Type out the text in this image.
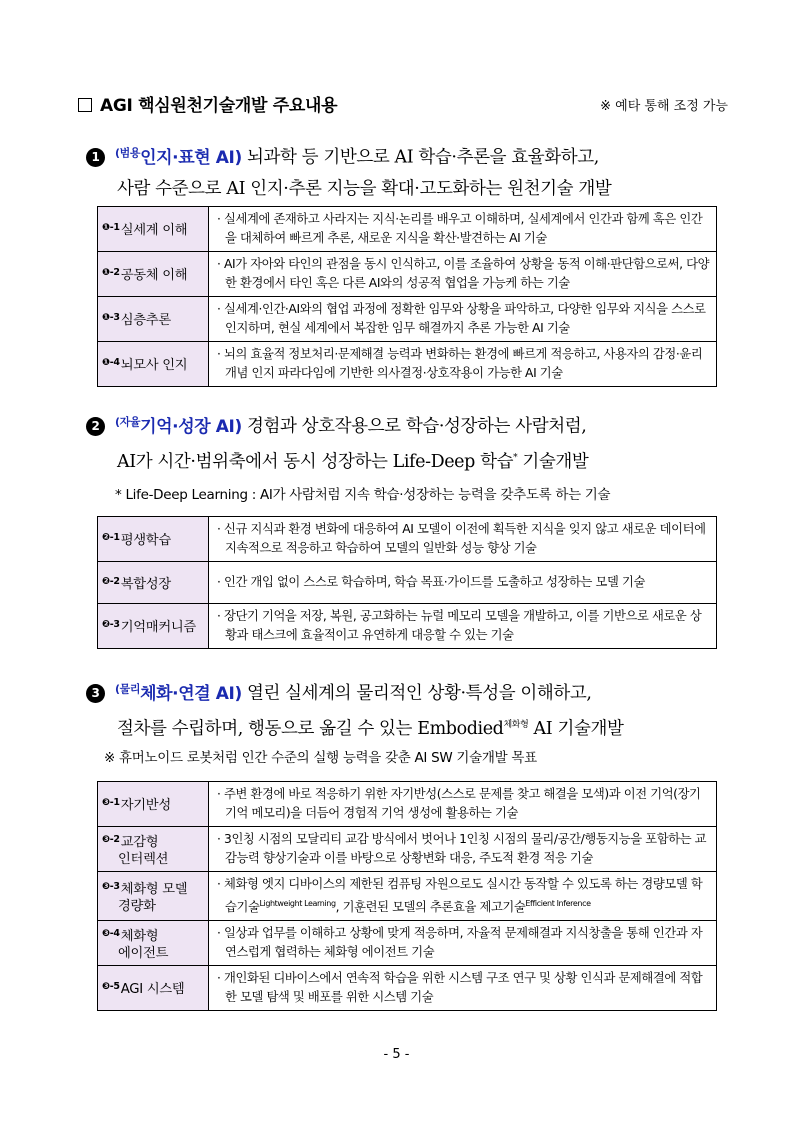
AGI 핵심원천기술개발 주요내용	※ 예타 통해 조정 가능
1 $^{(범용}$인지·표현 AI) 뇌과학 등 기반으로 AI 학습·추론을 효율화하고,
사람 수준으로 AI 인지·추론 지능을 확대·고도화하는 원천기술 개발
$^{❶-1}$실세계 이해	· 실세계에 존재하고 사라지는 지식·논리를 배우고 이해하며, 실세계에서 인간과 함께 혹은 인간을 대체하여 빠르게 추론, 새로운 지식을 확산·발견하는 AI 기술

$^{❶-2}$공동체 이해	· AI가 자아와 타인의 관점을 동시 인식하고, 이를 조율하여 상황을 동적 이해·판단함으로써, 다양한 환경에서 타인 혹은 다른 AI와의 성공적 협업을 가능케 하는 기술

$^{❶-3}$심층추론	· 실세계·인간·AI와의 협업 과정에 정확한 임무와 상황을 파악하고, 다양한 임무와 지식을 스스로 인지하며, 현실 세계에서 복잡한 임무 해결까지 추론 가능한 AI 기술

$^{❶-4}$뇌모사 인지	· 뇌의 효율적 정보처리·문제해결 능력과 변화하는 환경에 빠르게 적응하고, 사용자의 감정·윤리 개념 인지 파라다임에 기반한 의사결정·상호작용이 가능한 AI 기술
2 $^{(자율}$기억·성장 AI) 경험과 상호작용으로 학습·성장하는 사람처럼,
AI가 시간·범위축에서 동시 성장하는 Life-Deep 학습* 기술개발
* Life-Deep Learning : AI가 사람처럼 지속 학습·성장하는 능력을 갖추도록 하는 기술
$^{❷-1}$평생학습	· 신규 지식과 환경 변화에 대응하여 AI 모델이 이전에 획득한 지식을 잊지 않고 새로운 데이터에 지속적으로 적응하고 학습하여 모델의 일반화 성능 향상 기술

$^{❷-2}$복합성장	· 인간 개입 없이 스스로 학습하며, 학습 목표·가이드를 도출하고 성장하는 모델 기술

$^{❷-3}$기억매커니즘	· 장단기 기억을 저장, 복원, 공고화하는 뉴럴 메모리 모델을 개발하고, 이를 기반으로 새로운 상황과 태스크에 효율적이고 유연하게 대응할 수 있는 기술
3 $^{(물리}$체화·연결 AI) 열린 실세계의 물리적인 상황·특성을 이해하고,
절차를 수립하며, 행동으로 옮길 수 있는 Embodied$^{체화형}$ AI 기술개발
※ 휴머노이드 로봇처럼 인간 수준의 실행 능력을 갖춘 AI SW 기술개발 목표
$^{❸-1}$자기반성	· 주변 환경에 바로 적응하기 위한 자기반성(스스로 문제를 찾고 해결을 모색)과 이전 기억(장기기억 메모리)을 더듬어 경험적 기억 생성에 활용하는 기술

$^{❸-2}$교감형
인터렉션	· 3인칭 시점의 모달리티 교감 방식에서 벗어나 1인칭 시점의 물리/공간/행동지능을 포함하는 교감능력 향상기술과 이를 바탕으로 상황변화 대응, 주도적 환경 적응 기술

$^{❸-3}$체화형 모델
경량화	· 체화형 엣지 디바이스의 제한된 컴퓨팅 자원으로도 실시간 동작할 수 있도록 하는 경량모델 학습기술$^{Lightweight Learning}$, 기훈련된 모델의 추론효율 제고기술$^{Efficient Inference}$

$^{❸-4}$체화형
에이전트	· 일상과 업무를 이해하고 상황에 맞게 적응하며, 자율적 문제해결과 지식창출을 통해 인간과 자연스럽게 협력하는 체화형 에이전트 기술

$^{❸-5}$AGI 시스템	· 개인화된 디바이스에서 연속적 학습을 위한 시스템 구조 연구 및 상황 인식과 문제해결에 적합한 모델 탐색 및 배포를 위한 시스템 기술
- 5 -
